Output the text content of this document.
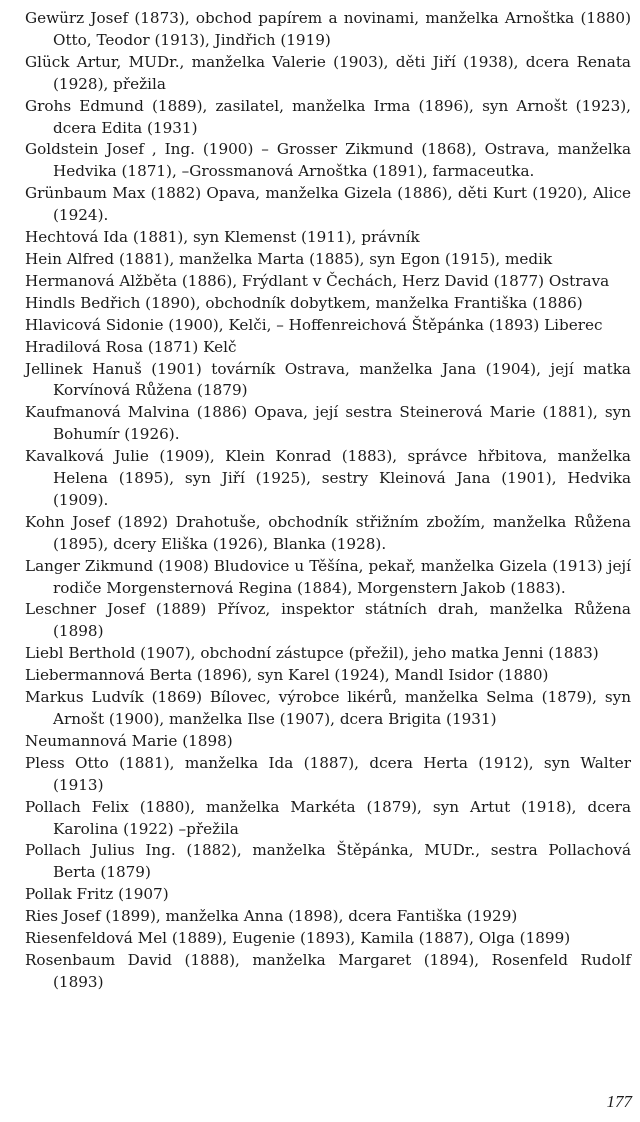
Gewürz Josef (1873), obchod papírem a novinami, manželka Arnoštka (1880) Otto, Teodor (1913), Jindřich (1919)
Glück Artur, MUDr., manželka Valerie (1903), děti Jiří (1938), dcera Renata (1928), přežila
Grohs Edmund (1889), zasilatel, manželka Irma (1896), syn Arnošt (1923), dcera Edita (1931)
Goldstein Josef , Ing. (1900) – Grosser Zikmund (1868), Ostrava, manželka Hedvika (1871), –Grossmanová Arnoštka (1891), farmaceutka.
Grünbaum Max (1882) Opava, manželka Gizela (1886), děti Kurt (1920), Alice (1924).
Hechtová Ida (1881), syn Klemenst (1911), právník
Hein Alfred (1881), manželka Marta (1885), syn Egon (1915), medik
Hermanová Alžběta (1886), Frýdlant v Čechách, Herz David (1877) Ostrava
Hindls Bedřich (1890), obchodník dobytkem, manželka Františka (1886)
Hlavicová Sidonie (1900), Kelči, – Hoffenreichová Štěpánka (1893) Liberec
Hradilová Rosa (1871) Kelč
Jellinek Hanuš (1901) továrník Ostrava, manželka Jana (1904), její matka Korvínová Růžena (1879)
Kaufmanová Malvina (1886) Opava, její sestra Steinerová Marie (1881), syn Bohumír (1926).
Kavalková Julie (1909), Klein Konrad (1883), správce hřbitova, manželka Helena (1895), syn Jiří (1925), sestry Kleinová Jana (1901), Hedvika (1909).
Kohn Josef (1892) Drahotuše, obchodník střižním zbožím, manželka Růžena (1895), dcery Eliška (1926), Blanka (1928).
Langer Zikmund (1908) Bludovice u Těšína, pekař, manželka Gizela (1913) její rodiče Morgensternová Regina (1884), Morgenstern Jakob (1883).
Leschner Josef (1889) Přívoz, inspektor státních drah, manželka Růžena (1898)
Liebl Berthold (1907), obchodní zástupce (přežil), jeho matka Jenni (1883)
Liebermannová Berta (1896), syn Karel (1924), Mandl Isidor (1880)
Markus Ludvík (1869) Bílovec, výrobce likérů, manželka Selma (1879), syn Arnošt (1900), manželka Ilse (1907), dcera Brigita (1931)
Neumannová Marie (1898)
Pless Otto (1881), manželka Ida (1887), dcera Herta (1912), syn Walter (1913)
Pollach Felix (1880), manželka Markéta (1879), syn Artut (1918), dcera Karolina (1922) –přežila
Pollach Julius Ing. (1882), manželka Štěpánka, MUDr., sestra Pollachová Berta (1879)
Pollak Fritz (1907)
Ries Josef (1899), manželka Anna (1898), dcera Fantiška (1929)
Riesenfeldová Mel (1889), Eugenie (1893), Kamila (1887), Olga (1899)
Rosenbaum David (1888), manželka Margaret (1894), Rosenfeld Rudolf (1893)
177
